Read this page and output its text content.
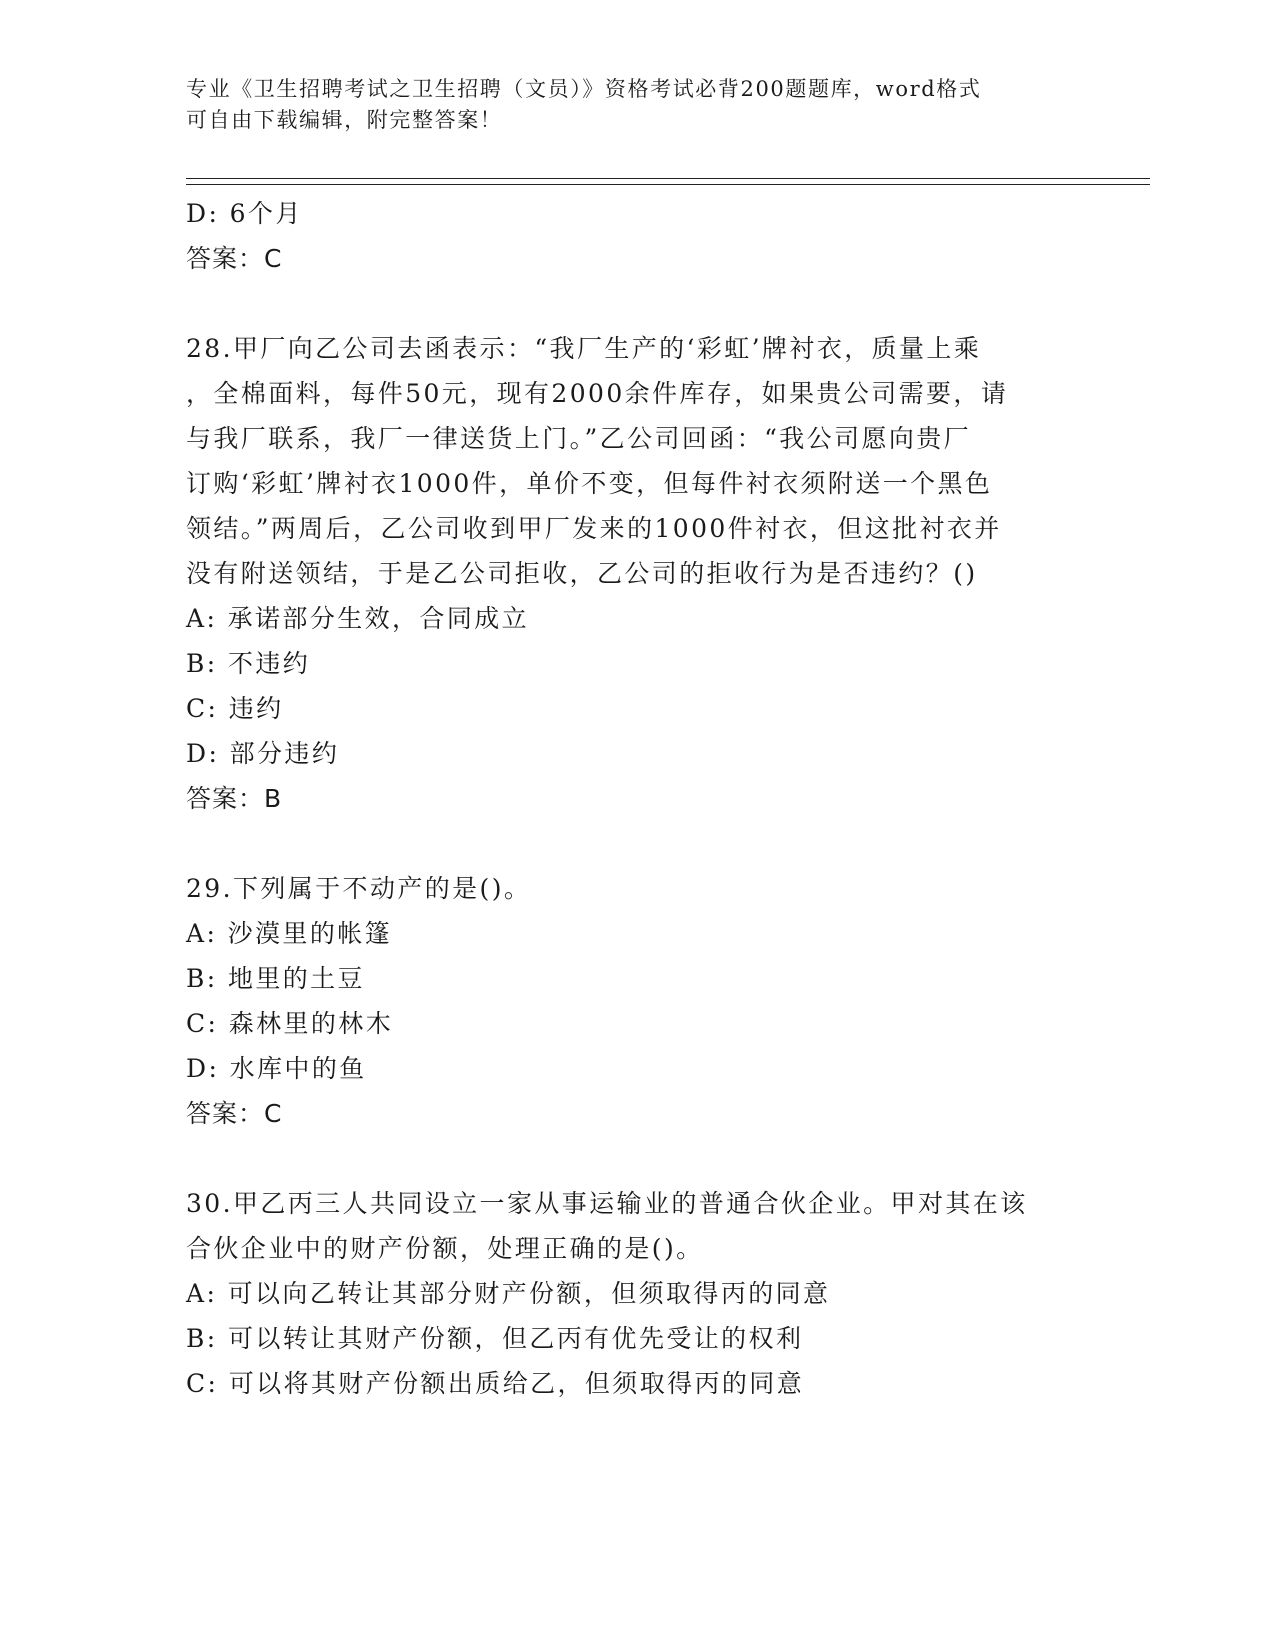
专业《卫生招聘考试之卫生招聘（文员）》资格考试必背200题题库，word格式
可自由下载编辑，附完整答案！
D: 6个月
答案：C
28.甲厂向乙公司去函表示：“我厂生产的‘彩虹’牌衬衣，质量上乘
，全棉面料，每件50元，现有2000余件库存，如果贵公司需要，请
与我厂联系，我厂一律送货上门。”乙公司回函：“我公司愿向贵厂
订购‘彩虹’牌衬衣1000件，单价不变，但每件衬衣须附送一个黑色
领结。”两周后，乙公司收到甲厂发来的1000件衬衣，但这批衬衣并
没有附送领结，于是乙公司拒收，乙公司的拒收行为是否违约？()
A: 承诺部分生效，合同成立
B: 不违约
C: 违约
D: 部分违约
答案：B
29.下列属于不动产的是()。
A: 沙漠里的帐篷
B: 地里的土豆
C: 森林里的林木
D: 水库中的鱼
答案：C
30.甲乙丙三人共同设立一家从事运输业的普通合伙企业。甲对其在该
合伙企业中的财产份额，处理正确的是()。
A: 可以向乙转让其部分财产份额，但须取得丙的同意
B: 可以转让其财产份额，但乙丙有优先受让的权利
C: 可以将其财产份额出质给乙，但须取得丙的同意
